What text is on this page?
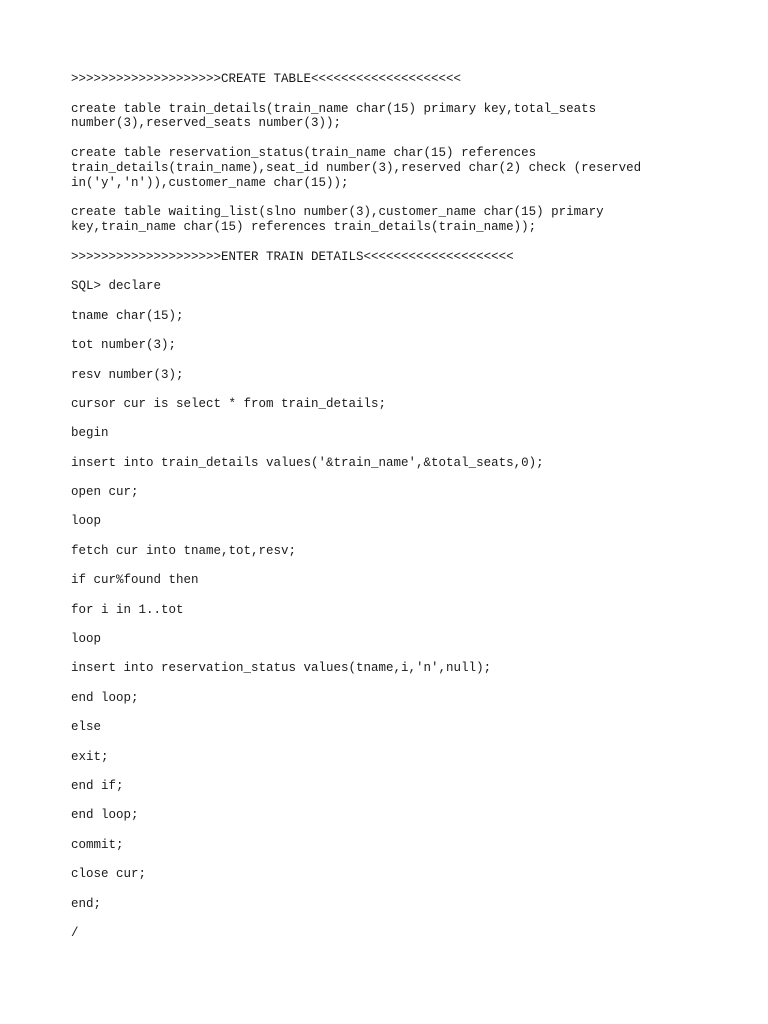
>>>>>>>>>>>>>>>>>>>>CREATE TABLE<<<<<<<<<<<<<<<<<<<<

create table train_details(train_name char(15) primary key,total_seats

number(3),reserved_seats number(3));

create table reservation_status(train_name char(15) references

train_details(train_name),seat_id number(3),reserved char(2) check (reserved

in('y','n')),customer_name char(15));

create table waiting_list(slno number(3),customer_name char(15) primary

key,train_name char(15) references train_details(train_name));

>>>>>>>>>>>>>>>>>>>>ENTER TRAIN DETAILS<<<<<<<<<<<<<<<<<<<<

SQL> declare

tname char(15);

tot number(3);

resv number(3);

cursor cur is select * from train_details;

begin

insert into train_details values('&train_name',&total_seats,0);

open cur;

loop

fetch cur into tname,tot,resv;

if cur%found then

for i in 1..tot

loop

insert into reservation_status values(tname,i,'n',null);

end loop;

else

exit;

end if;

end loop;

commit;

close cur;

end;

/
